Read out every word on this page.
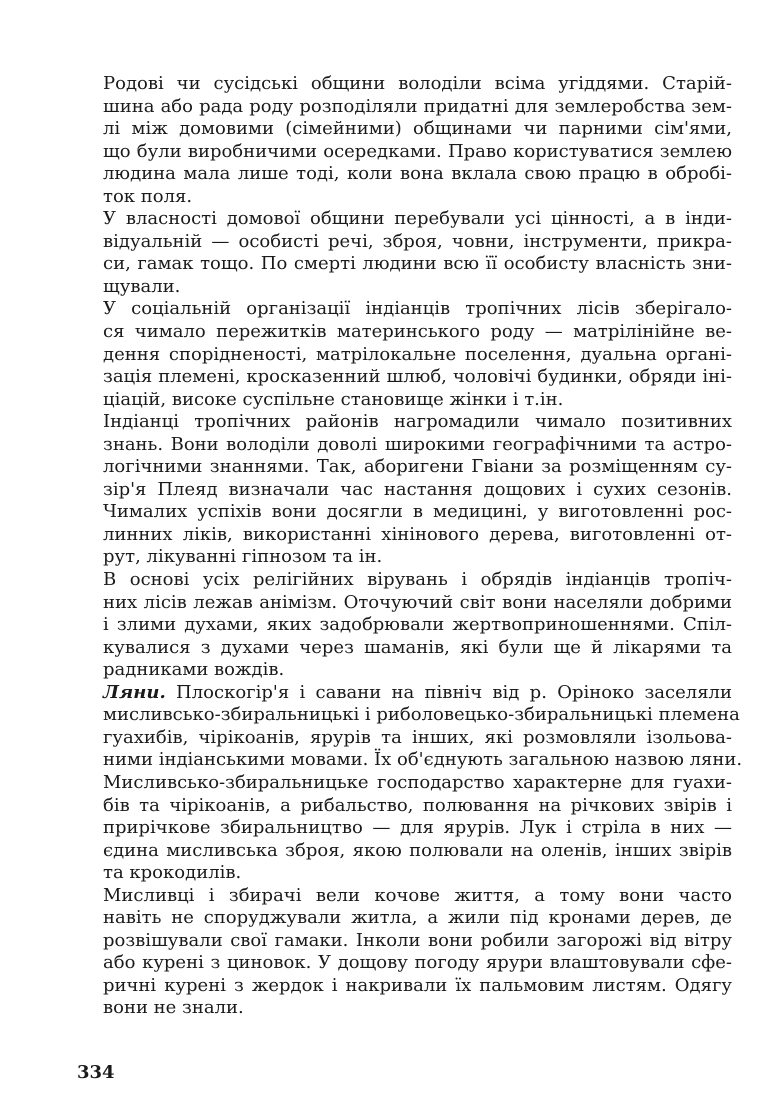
Родові чи сусідські общини володіли всіма угіддями. Старій-
шина або рада роду розподіляли придатні для землеробства зем-
лі між домовими (сімейними) общинами чи парними сім'ями,
що були виробничими осередками. Право користуватися землею
людина мала лише тоді, коли вона вклала свою працю в обробі-
ток поля.

У власності домової общини перебували усі цінності, а в інди-
відуальній — особисті речі, зброя, човни, інструменти, прикра-
си, гамак тощо. По смерті людини всю її особисту власність зни-
щували.

У соціальній організації індіанців тропічних лісів зберігало-
ся чимало пережитків материнського роду — матрілінійне ве-
дення спорідненості, матрілокальне поселення, дуальна органі-
зація племені, кросказенний шлюб, чоловічі будинки, обряди іні-
ціацій, високе суспільне становище жінки і т.ін.

Індіанці тропічних районів нагромадили чимало позитивних
знань. Вони володіли доволі широкими географічними та астро-
логічними знаннями. Так, аборигени Гвіани за розміщенням су-
зір'я Плеяд визначали час настання дощових і сухих сезонів.
Чималих успіхів вони досягли в медицині, у виготовленні рос-
линних ліків, використанні хінінового дерева, виготовленні от-
рут, лікуванні гіпнозом та ін.

В основі усіх релігійних вірувань і обрядів індіанців тропіч-
них лісів лежав анімізм. Оточуючий світ вони населяли добрими
і злими духами, яких задобрювали жертвоприношеннями. Спіл-
кувалися з духами через шаманів, які були ще й лікарями та
радниками вождів.

Ляни. Плоскогір'я і савани на північ від р. Оріноко заселяли
мисливсько-збиральницькі і риболовецько-збиральницькі племена
гуахибів, чірікоанів, ярурів та інших, які розмовляли ізольова-
ними індіанськими мовами. Їх об'єднують загальною назвою ляни.
Мисливсько-збиральницьке господарство характерне для гуахи-
бів та чірікоанів, а рибальство, полювання на річкових звірів і
прирічкове збиральництво — для ярурів. Лук і стріла в них —
єдина мисливська зброя, якою полювали на оленів, інших звірів
та крокодилів.

Мисливці і збирачі вели кочове життя, а тому вони часто
навіть не споруджували житла, а жили під кронами дерев, де
розвішували свої гамаки. Інколи вони робили загорожі від вітру
або курені з циновок. У дощову погоду ярури влаштовували сфе-
ричні курені з жердок і накривали їх пальмовим листям. Одягу
вони не знали.

334
